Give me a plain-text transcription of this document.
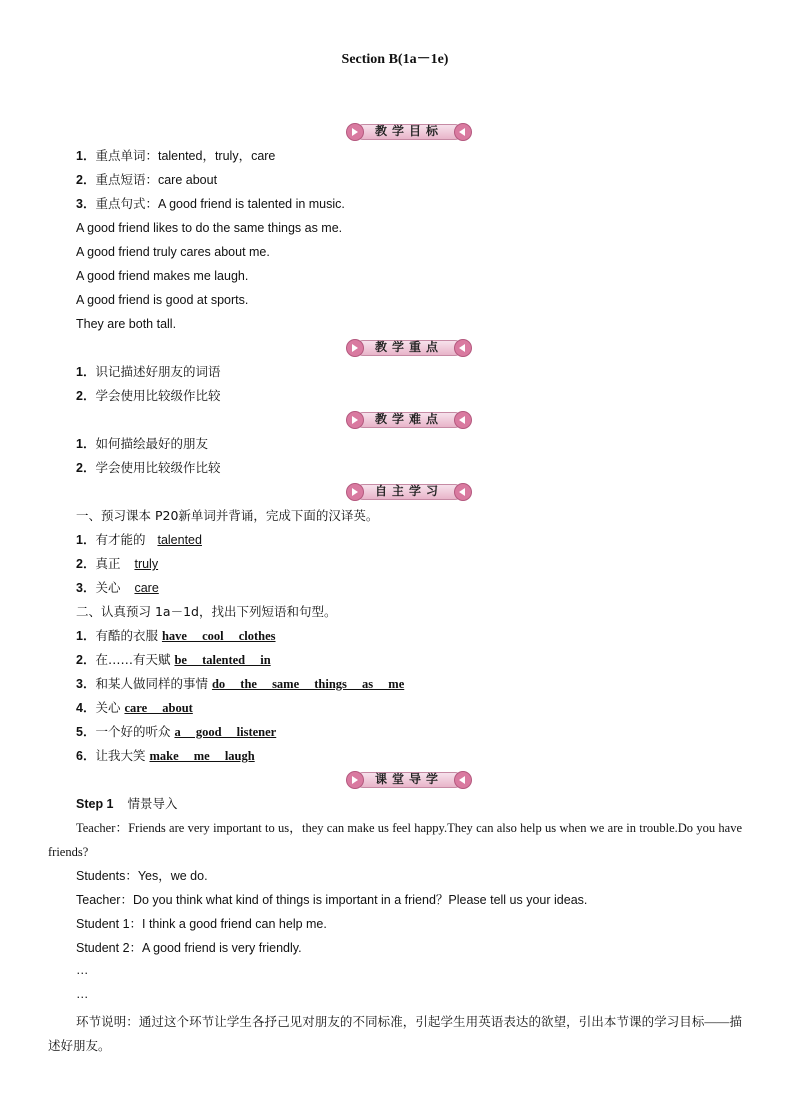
Section B(1a－1e)
教学目标
1．重点单词：talented，truly，care
2．重点短语：care about
3．重点句式：A good friend is talented in music.
A good friend likes to do the same things as me.
A good friend truly cares about me.
A good friend makes me laugh.
A good friend is good at sports.
They are both tall.
教学重点
1．识记描述好朋友的词语
2．学会使用比较级作比较
教学难点
1．如何描绘最好的朋友
2．学会使用比较级作比较
自主学习
一、预习课本 P20新单词并背诵，完成下面的汉译英。
1．有才能的 talented
2．真正 truly
3．关心 care
二、认真预习 1a－1d，找出下列短语和句型。
1．有酷的衣服 have cool clothes
2．在……有天赋 be talented in
3．和某人做同样的事情 do the same things as me
4．关心 care about
5．一个好的听众 a good listener
6．让我大笑 make me laugh
课堂导学
Step 1 情景导入
Teacher：Friends are very important to us，they can make us feel happy.They can also help us when we are in trouble.Do you have friends?
Students：Yes，we do.
Teacher：Do you think what kind of things is important in a friend？Please tell us your ideas.
Student 1：I think a good friend can help me.
Student 2：A good friend is very friendly.
…
…
环节说明：通过这个环节让学生各抒己见对朋友的不同标准，引起学生用英语表达的欲望，引出本节课的学习目标——描述好朋友。
